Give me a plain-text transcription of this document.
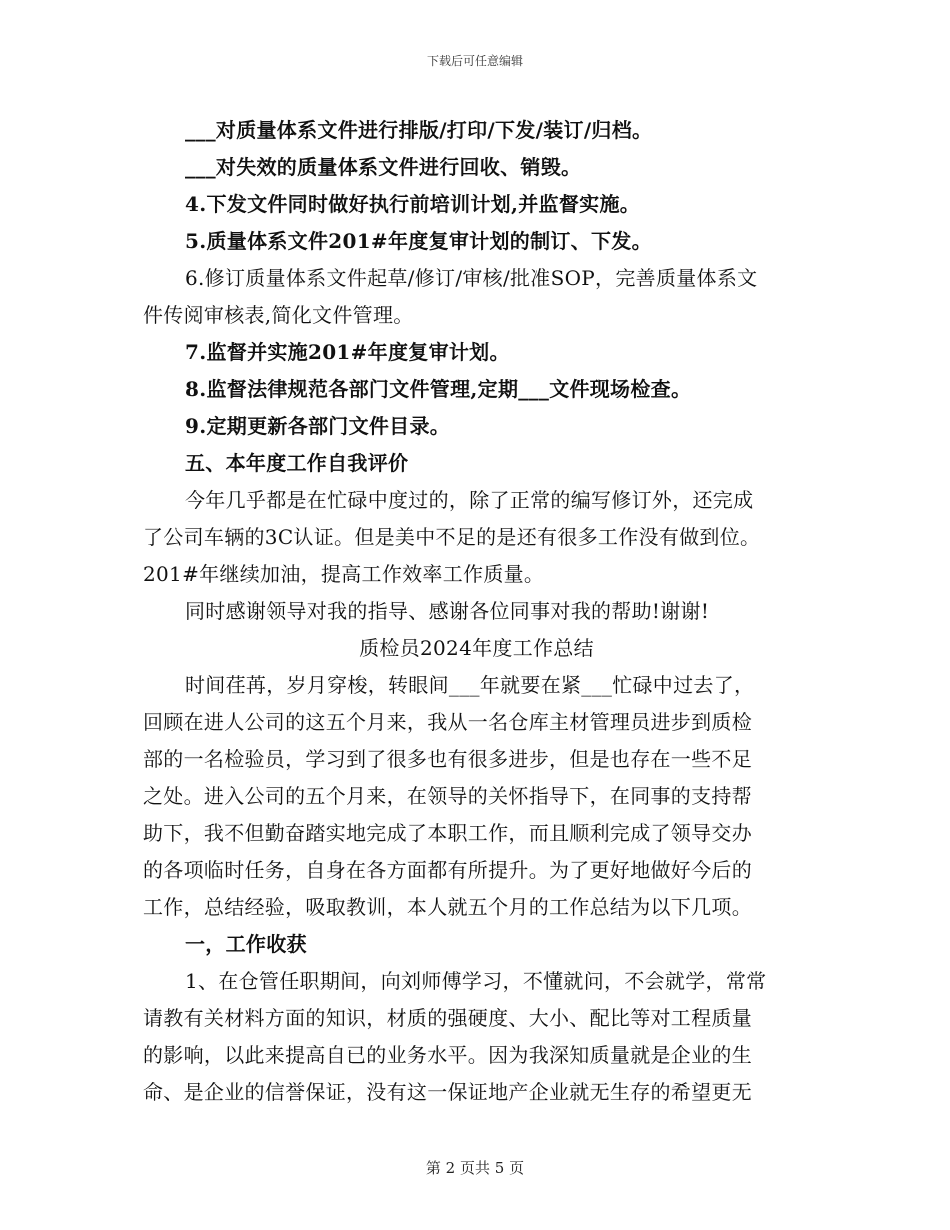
下载后可任意编辑
___对质量体系文件进行排版/打印/下发/装订/归档。
___对失效的质量体系文件进行回收、销毁。
4.下发文件同时做好执行前培训计划,并监督实施。
5.质量体系文件201#年度复审计划的制订、下发。
6.修订质量体系文件起草/修订/审核/批准SOP，完善质量体系文
件传阅审核表,简化文件管理。
7.监督并实施201#年度复审计划。
8.监督法律规范各部门文件管理,定期___文件现场检查。
9.定期更新各部门文件目录。
五、本年度工作自我评价
今年几乎都是在忙碌中度过的，除了正常的编写修订外，还完成
了公司车辆的3C认证。但是美中不足的是还有很多工作没有做到位。
201#年继续加油，提高工作效率工作质量。
同时感谢领导对我的指导、感谢各位同事对我的帮助!谢谢!
质检员2024年度工作总结
时间荏苒，岁月穿梭，转眼间___年就要在紧___忙碌中过去了，
回顾在进人公司的这五个月来，我从一名仓库主材管理员进步到质检
部的一名检验员，学习到了很多也有很多进步，但是也存在一些不足
之处。进入公司的五个月来，在领导的关怀指导下，在同事的支持帮
助下，我不但勤奋踏实地完成了本职工作，而且顺利完成了领导交办
的各项临时任务，自身在各方面都有所提升。为了更好地做好今后的
工作，总结经验，吸取教训，本人就五个月的工作总结为以下几项。
一，工作收获
1、在仓管任职期间，向刘师傅学习，不懂就问，不会就学，常常
请教有关材料方面的知识，材质的强硬度、大小、配比等对工程质量
的影响，以此来提高自已的业务水平。因为我深知质量就是企业的生
命、是企业的信誉保证，没有这一保证地产企业就无生存的希望更无
第 2 页共 5 页
